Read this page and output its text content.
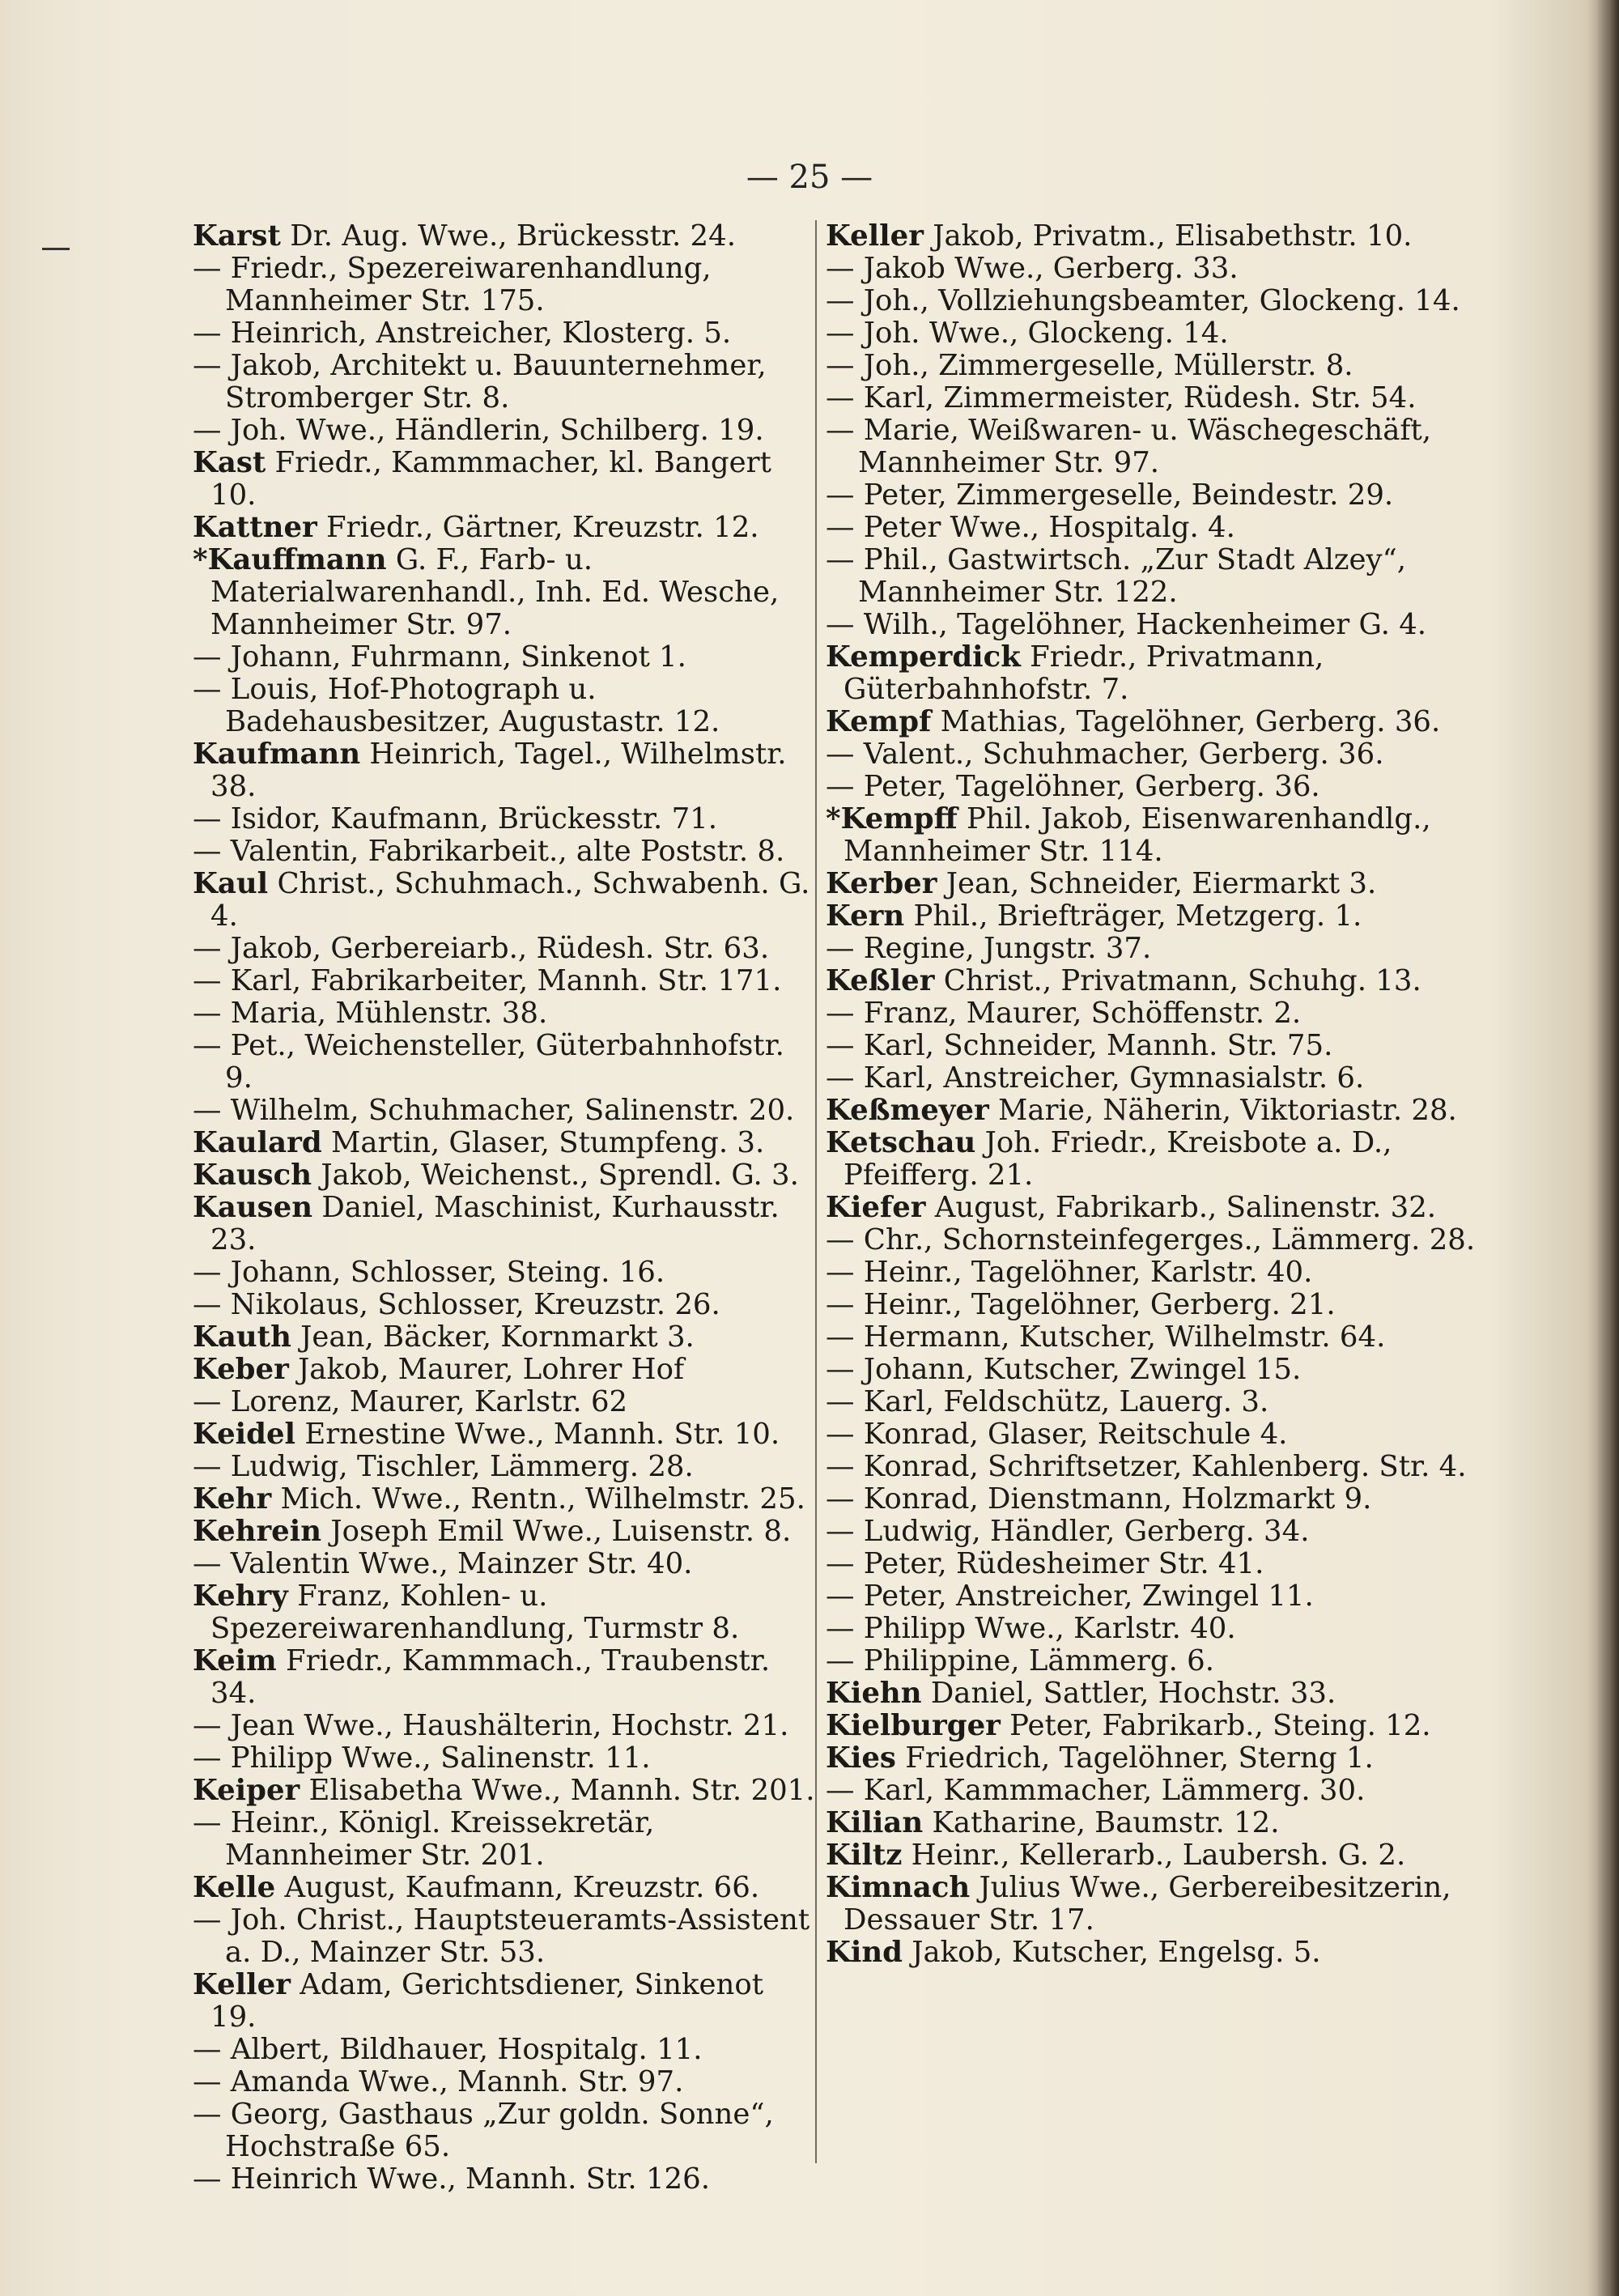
— 25 —
Karst Dr. Aug. Wwe., Brückesstr. 24.
— Friedr., Spezereiwarenhandlung, Mannheimer Str. 175.
— Heinrich, Anstreicher, Klosterg. 5.
— Jakob, Architekt u. Bauunternehmer, Stromberger Str. 8.
— Joh. Wwe., Händlerin, Schilberg. 19.
Kast Friedr., Kammmacher, kl. Bangert 10.
Kattner Friedr., Gärtner, Kreuzstr. 12.
*Kauffmann G. F., Farb- u. Materialwarenhandl., Inh. Ed. Wesche, Mannheimer Str. 97.
— Johann, Fuhrmann, Sinkenot 1.
— Louis, Hof-Photograph u. Badehausbesitzer, Augustastr. 12.
Kaufmann Heinrich, Tagel., Wilhelmstr. 38.
— Isidor, Kaufmann, Brückesstr. 71.
— Valentin, Fabrikarbeit., alte Poststr. 8.
Kaul Christ., Schuhmach., Schwabenh. G. 4.
— Jakob, Gerbereiarb., Rüdesh. Str. 63.
— Karl, Fabrikarbeiter, Mannh. Str. 171.
— Maria, Mühlenstr. 38.
— Pet., Weichensteller, Güterbahnhofstr. 9.
— Wilhelm, Schuhmacher, Salinenstr. 20.
Kaulard Martin, Glaser, Stumpfeng. 3.
Kausch Jakob, Weichenst., Sprendl. G. 3.
Kausen Daniel, Maschinist, Kurhausstr. 23.
— Johann, Schlosser, Steing. 16.
— Nikolaus, Schlosser, Kreuzstr. 26.
Kauth Jean, Bäcker, Kornmarkt 3.
Keber Jakob, Maurer, Lohrer Hof
— Lorenz, Maurer, Karlstr. 62
Keidel Ernestine Wwe., Mannh. Str. 10.
— Ludwig, Tischler, Lämmerg. 28.
Kehr Mich. Wwe., Rentn., Wilhelmstr. 25.
Kehrein Joseph Emil Wwe., Luisenstr. 8.
— Valentin Wwe., Mainzer Str. 40.
Kehry Franz, Kohlen- u. Spezereiwarenhandlung, Turmstr 8.
Keim Friedr., Kammmach., Traubenstr. 34.
— Jean Wwe., Haushälterin, Hochstr. 21.
— Philipp Wwe., Salinenstr. 11.
Keiper Elisabetha Wwe., Mannh. Str. 201.
— Heinr., Königl. Kreissekretär, Mannheimer Str. 201.
Kelle August, Kaufmann, Kreuzstr. 66.
— Joh. Christ., Hauptsteueramts-Assistent a. D., Mainzer Str. 53.
Keller Adam, Gerichtsdiener, Sinkenot 19.
— Albert, Bildhauer, Hospitalg. 11.
— Amanda Wwe., Mannh. Str. 97.
— Georg, Gasthaus „Zur goldn. Sonne“, Hochstraße 65.
— Heinrich Wwe., Mannh. Str. 126.
Keller Jakob, Privatm., Elisabethstr. 10.
— Jakob Wwe., Gerberg. 33.
— Joh., Vollziehungsbeamter, Glockeng. 14.
— Joh. Wwe., Glockeng. 14.
— Joh., Zimmergeselle, Müllerstr. 8.
— Karl, Zimmermeister, Rüdesh. Str. 54.
— Marie, Weißwaren- u. Wäschegeschäft, Mannheimer Str. 97.
— Peter, Zimmergeselle, Beindestr. 29.
— Peter Wwe., Hospitalg. 4.
— Phil., Gastwirtsch. „Zur Stadt Alzey“, Mannheimer Str. 122.
— Wilh., Tagelöhner, Hackenheimer G. 4.
Kemperdick Friedr., Privatmann, Güterbahnhofstr. 7.
Kempf Mathias, Tagelöhner, Gerberg. 36.
— Valent., Schuhmacher, Gerberg. 36.
— Peter, Tagelöhner, Gerberg. 36.
*Kempff Phil. Jakob, Eisenwarenhandlg., Mannheimer Str. 114.
Kerber Jean, Schneider, Eiermarkt 3.
Kern Phil., Briefträger, Metzgerg. 1.
— Regine, Jungstr. 37.
Keßler Christ., Privatmann, Schuhg. 13.
— Franz, Maurer, Schöffenstr. 2.
— Karl, Schneider, Mannh. Str. 75.
— Karl, Anstreicher, Gymnasialstr. 6.
Keßmeyer Marie, Näherin, Viktoriastr. 28.
Ketschau Joh. Friedr., Kreisbote a. D., Pfeifferg. 21.
Kiefer August, Fabrikarb., Salinenstr. 32.
— Chr., Schornsteinfegerges., Lämmerg. 28.
— Heinr., Tagelöhner, Karlstr. 40.
— Heinr., Tagelöhner, Gerberg. 21.
— Hermann, Kutscher, Wilhelmstr. 64.
— Johann, Kutscher, Zwingel 15.
— Karl, Feldschütz, Lauerg. 3.
— Konrad, Glaser, Reitschule 4.
— Konrad, Schriftsetzer, Kahlenberg. Str. 4.
— Konrad, Dienstmann, Holzmarkt 9.
— Ludwig, Händler, Gerberg. 34.
— Peter, Rüdesheimer Str. 41.
— Peter, Anstreicher, Zwingel 11.
— Philipp Wwe., Karlstr. 40.
— Philippine, Lämmerg. 6.
Kiehn Daniel, Sattler, Hochstr. 33.
Kielburger Peter, Fabrikarb., Steing. 12.
Kies Friedrich, Tagelöhner, Sterng 1.
— Karl, Kammmacher, Lämmerg. 30.
Kilian Katharine, Baumstr. 12.
Kiltz Heinr., Kellerarb., Laubersh. G. 2.
Kimnach Julius Wwe., Gerbereibesitzerin, Dessauer Str. 17.
Kind Jakob, Kutscher, Engelsg. 5.
